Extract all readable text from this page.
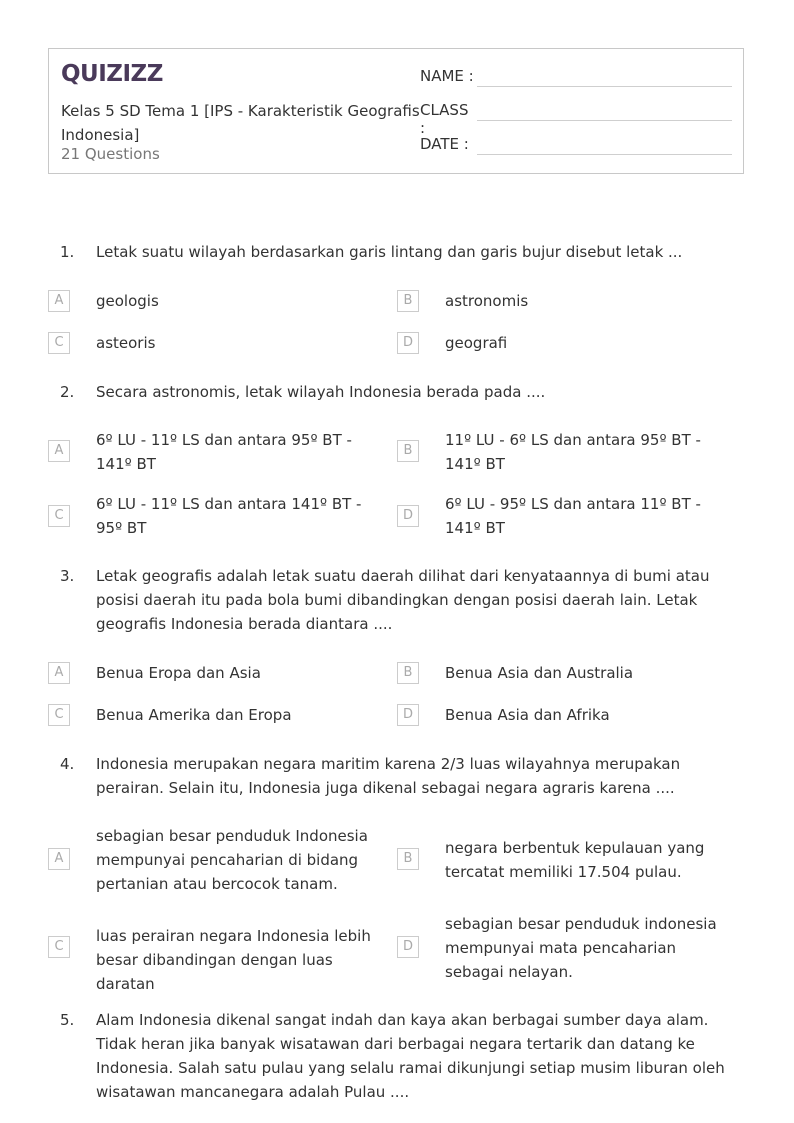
QUIZIZZ
Kelas 5 SD Tema 1 [IPS - Karakteristik Geografis Indonesia]
21 Questions
NAME :
CLASS :
DATE :
1.	Letak suatu wilayah berdasarkan garis lintang dan garis bujur disebut letak ...
A	geologis	B	astronomis
C	asteoris	D	geografi
2.	Secara astronomis, letak wilayah Indonesia berada pada ....
A
6º LU - 11º LS dan antara 95º BT - 141º BT
B
11º LU - 6º LS dan antara 95º BT - 141º BT
C
6º LU - 11º LS dan antara 141º BT - 95º BT
D
6º LU - 95º LS dan antara 11º BT - 141º BT
3.	Letak geografis adalah letak suatu daerah dilihat dari kenyataannya di bumi atau posisi daerah itu pada bola bumi dibandingkan dengan posisi daerah lain. Letak geografis Indonesia berada diantara ....
A	Benua Eropa dan Asia	B	Benua Asia dan Australia
C	Benua Amerika dan Eropa	D	Benua Asia dan Afrika
4.	Indonesia merupakan negara maritim karena 2/3 luas wilayahnya merupakan perairan. Selain itu, Indonesia juga dikenal sebagai negara agraris karena ....
A
sebagian besar penduduk Indonesia mempunyai pencaharian di bidang pertanian atau bercocok tanam.
B
negara berbentuk kepulauan yang tercatat memiliki 17.504 pulau.
C
luas perairan negara Indonesia lebih besar dibandingan dengan luas daratan
D
sebagian besar penduduk indonesia mempunyai mata pencaharian sebagai nelayan.
5.	Alam Indonesia dikenal sangat indah dan kaya akan berbagai sumber daya alam. Tidak heran jika banyak wisatawan dari berbagai negara tertarik dan datang ke Indonesia. Salah satu pulau yang selalu ramai dikunjungi setiap musim liburan oleh wisatawan mancanegara adalah Pulau ....
